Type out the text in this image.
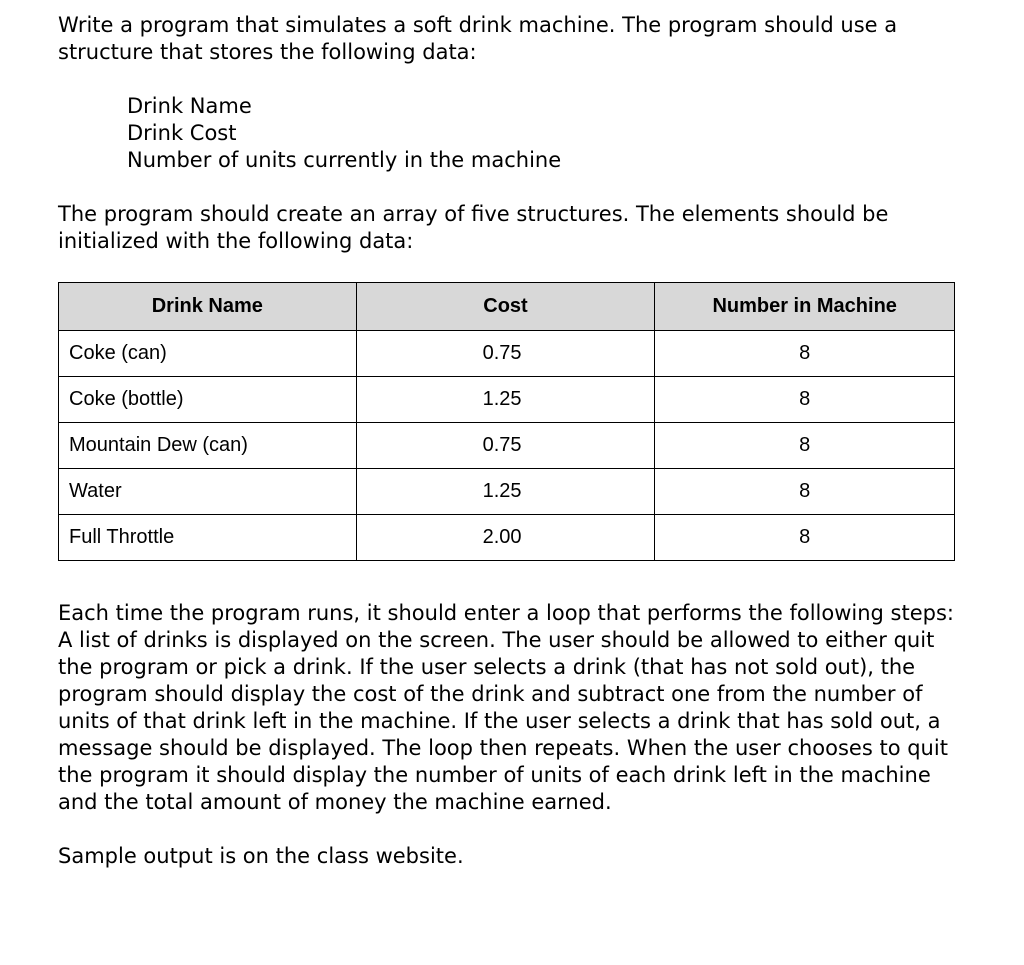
Write a program that simulates a soft drink machine. The program should use a structure that stores the following data:

Drink Name
Drink Cost
Number of units currently in the machine

The program should create an array of five structures. The elements should be initialized with the following data:

Drink Name	Cost	Number in Machine
Coke (can)	0.75	8
Coke (bottle)	1.25	8
Mountain Dew (can)	0.75	8
Water	1.25	8
Full Throttle	2.00	8

Each time the program runs, it should enter a loop that performs the following steps: A list of drinks is displayed on the screen. The user should be allowed to either quit the program or pick a drink. If the user selects a drink (that has not sold out), the program should display the cost of the drink and subtract one from the number of units of that drink left in the machine. If the user selects a drink that has sold out, a message should be displayed. The loop then repeats. When the user chooses to quit the program it should display the number of units of each drink left in the machine and the total amount of money the machine earned.

Sample output is on the class website.
